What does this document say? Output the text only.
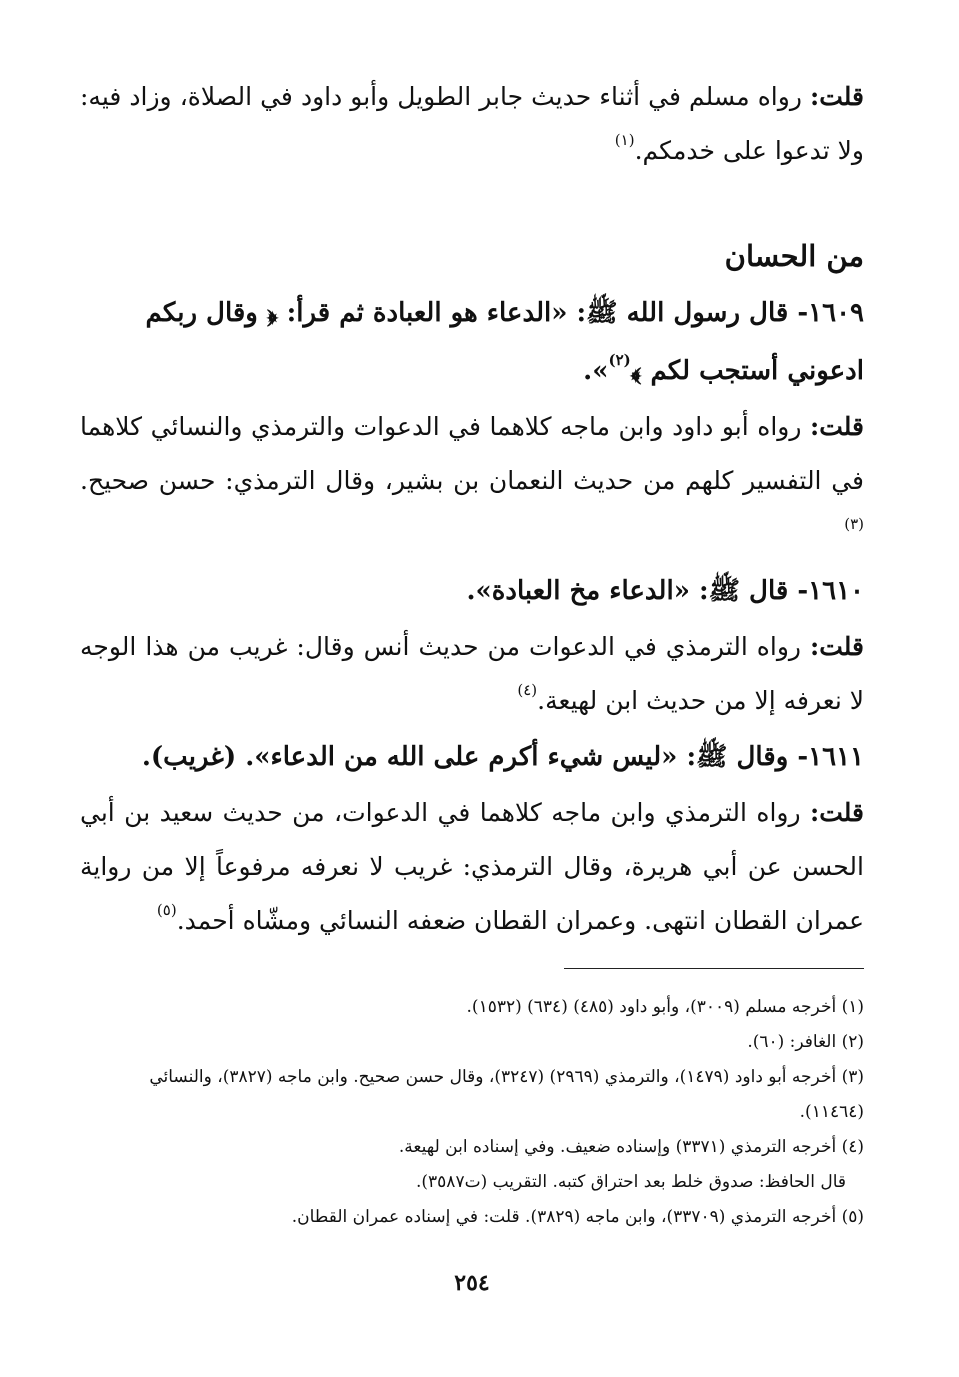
قلت: رواه مسلم في أثناء حديث جابر الطويل وأبو داود في الصلاة، وزاد فيه: ولا تدعوا على خدمكم.$^{(١)}$

من الحسان

١٦٠٩- قال رسول الله ﷺ: «الدعاء هو العبادة ثم قرأ: ﴿ وقال ربكم ادعوني أستجب لكم ﴾$^{(٢)}$».

قلت: رواه أبو داود وابن ماجه كلاهما في الدعوات والترمذي والنسائي كلاهما في التفسير كلهم من حديث النعمان بن بشير، وقال الترمذي: حسن صحيح.$^{(٣)}$

١٦١٠- قال ﷺ: «الدعاء مخ العبادة».

قلت: رواه الترمذي في الدعوات من حديث أنس وقال: غريب من هذا الوجه لا نعرفه إلا من حديث ابن لهيعة.$^{(٤)}$

١٦١١- وقال ﷺ: «ليس شيء أكرم على الله من الدعاء». (غريب).

قلت: رواه الترمذي وابن ماجه كلاهما في الدعوات، من حديث سعيد بن أبي الحسن عن أبي هريرة، وقال الترمذي: غريب لا نعرفه مرفوعاً إلا من رواية عمران القطان انتهى. وعمران القطان ضعفه النسائي ومشّاه أحمد.$^{(٥)}$

(١) أخرجه مسلم (٣٠٠٩)، وأبو داود (٤٨٥) (٦٣٤) (١٥٣٢).

(٢) الغافر: (٦٠).

(٣) أخرجه أبو داود (١٤٧٩)، والترمذي (٢٩٦٩) (٣٢٤٧)، وقال حسن صحيح. وابن ماجه (٣٨٢٧)، والنسائي (١١٤٦٤).

(٤) أخرجه الترمذي (٣٣٧١) وإسناده ضعيف. وفي إسناده ابن لهيعة.

قال الحافظ: صدوق خلط بعد احتراق كتبه. التقريب (ت٣٥٨٧).

(٥) أخرجه الترمذي (٣٣٧٠٩)، وابن ماجه (٣٨٢٩). قلت: في إسناده عمران القطان.

٢٥٤
